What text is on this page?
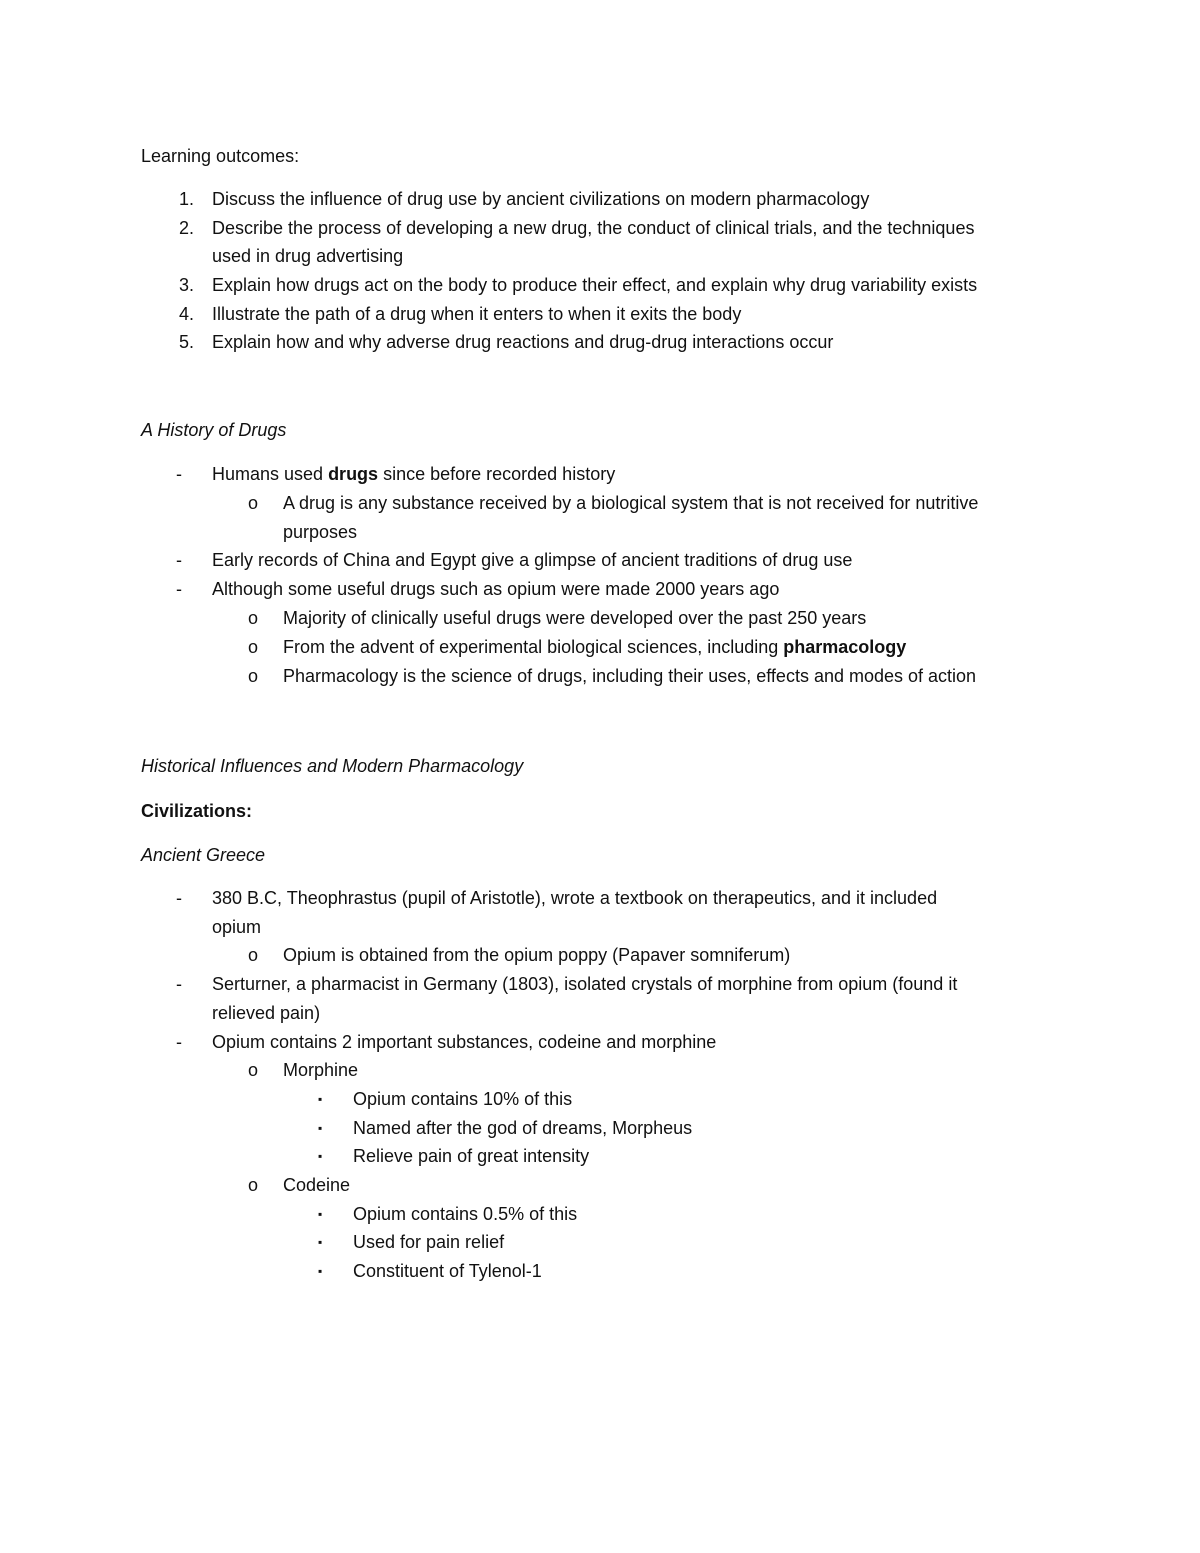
Learning outcomes:
1. Discuss the influence of drug use by ancient civilizations on modern pharmacology
2. Describe the process of developing a new drug, the conduct of clinical trials, and the techniques
used in drug advertising
3. Explain how drugs act on the body to produce their effect, and explain why drug variability exists
4. Illustrate the path of a drug when it enters to when it exits the body
5. Explain how and why adverse drug reactions and drug-drug interactions occur
A History of Drugs
- Humans used drugs since before recorded history
o A drug is any substance received by a biological system that is not received for nutritive
purposes
- Early records of China and Egypt give a glimpse of ancient traditions of drug use
- Although some useful drugs such as opium were made 2000 years ago
o Majority of clinically useful drugs were developed over the past 250 years
o From the advent of experimental biological sciences, including pharmacology
o Pharmacology is the science of drugs, including their uses, effects and modes of action
Historical Influences and Modern Pharmacology
Civilizations:
Ancient Greece
- 380 B.C, Theophrastus (pupil of Aristotle), wrote a textbook on therapeutics, and it included
opium
o Opium is obtained from the opium poppy (Papaver somniferum)
- Serturner, a pharmacist in Germany (1803), isolated crystals of morphine from opium (found it
relieved pain)
- Opium contains 2 important substances, codeine and morphine
o Morphine
▪ Opium contains 10% of this
▪ Named after the god of dreams, Morpheus
▪ Relieve pain of great intensity
o Codeine
▪ Opium contains 0.5% of this
▪ Used for pain relief
▪ Constituent of Tylenol-1
